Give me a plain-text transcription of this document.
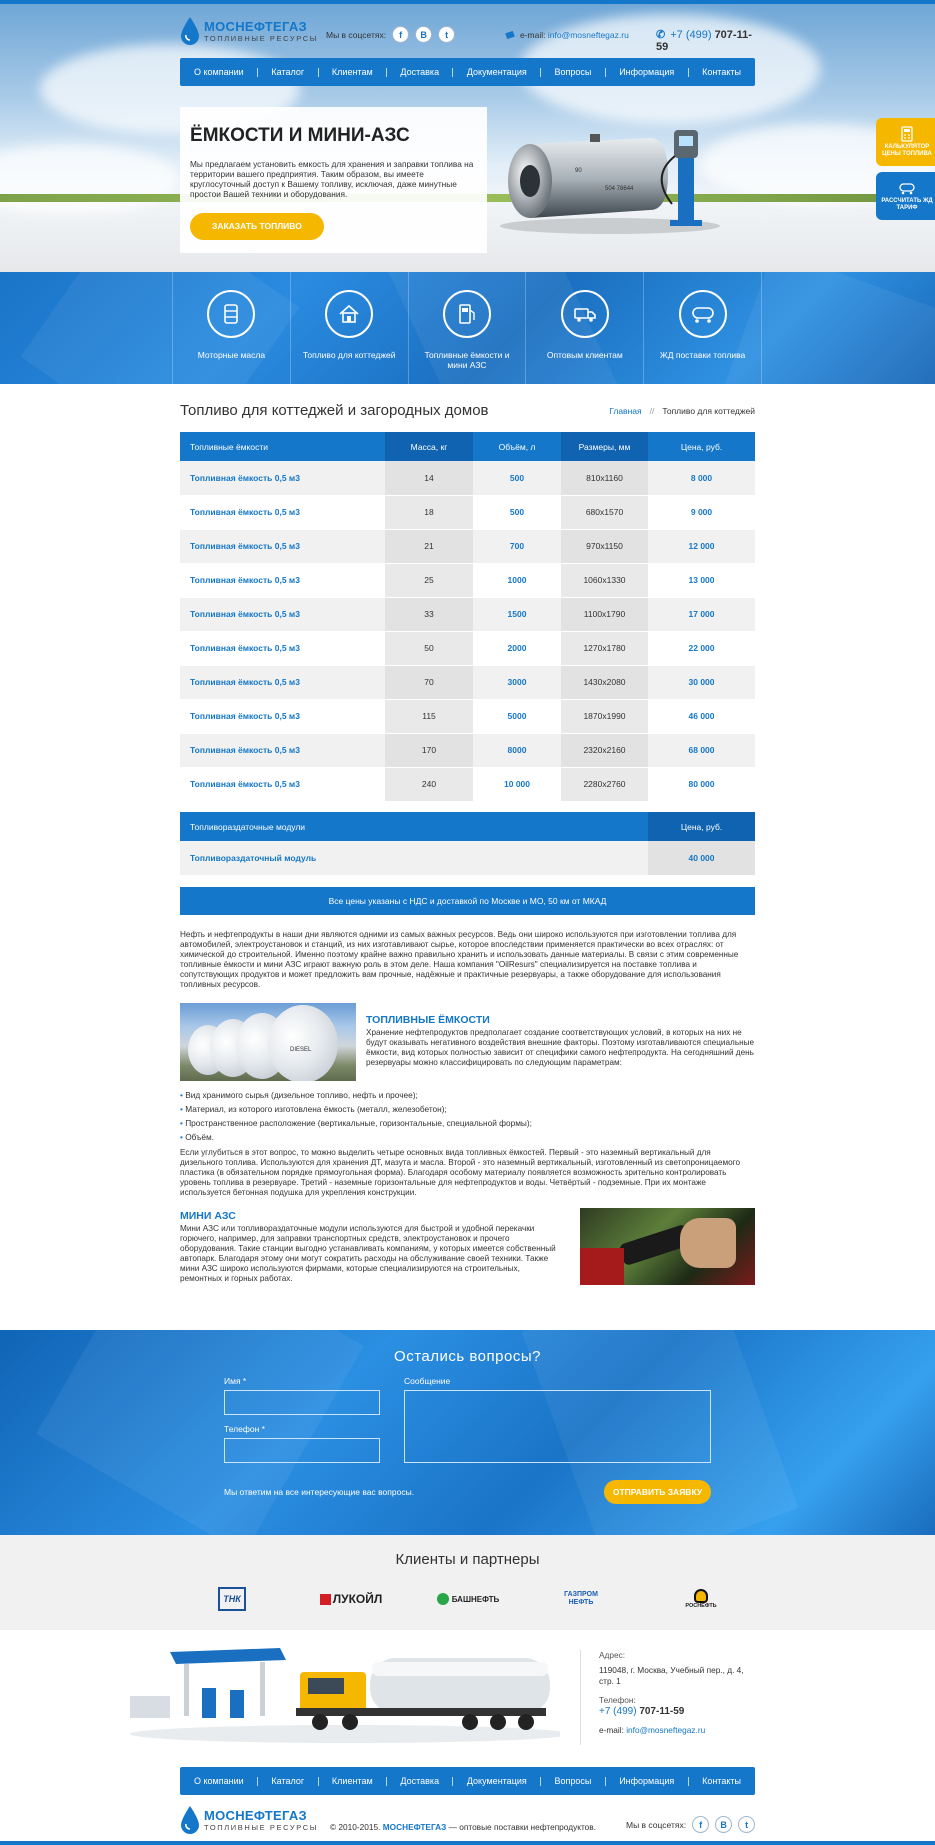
МОСНЕФТЕГАЗ
ТОПЛИВНЫЕ РЕСУРСЫ Мы в соцсетях:	f	В	t	e-mail: info@mosneftegaz.ru ✆ +7 (499) 707-11-59
О компании	Каталог	Клиентам	Доставка	Документация	Вопросы	Информация	Контакты
ЁМКОСТИ И МИНИ-АЗС

Мы предлагаем установить емкость для хранения и заправки топлива на территории вашего предприятия. Таким образом, вы имеете круглосуточный доступ к Вашему топливу, исключая, даже минутные простои Вашей техники и оборудования.

ЗАКАЗАТЬ ТОПЛИВО
90
504 78644
КАЛЬКУЛЯТОР ЦЕНЫ ТОПЛИВА
РАССЧИТАТЬ ЖД ТАРИФ
Моторные масла	Топливо для коттеджей	Топливные ёмкости и мини АЗС
Оптовым клиентам	ЖД поставки топлива
Топливо для коттеджей и загородных домов	Главная // Топливо для коттеджей
Топливные ёмкости	Масса, кг	Объём, л	Размеры, мм	Цена, руб.
Топливная ёмкость 0,5 м3	14	500	810x1160	8 000
Топливная ёмкость 0,5 м3	18	500	680x1570	9 000
Топливная ёмкость 0,5 м3	21	700	970x1150	12 000
Топливная ёмкость 0,5 м3	25	1000	1060x1330	13 000
Топливная ёмкость 0,5 м3	33	1500	1100x1790	17 000
Топливная ёмкость 0,5 м3	50	2000	1270x1780	22 000
Топливная ёмкость 0,5 м3	70	3000	1430x2080	30 000
Топливная ёмкость 0,5 м3	115	5000	1870x1990	46 000
Топливная ёмкость 0,5 м3	170	8000	2320x2160	68 000
Топливная ёмкость 0,5 м3	240	10 000	2280x2760	80 000
Топливораздаточные модули	Цена, руб.
Топливораздаточный модуль	40 000
Все цены указаны с НДС и доставкой по Москве и МО, 50 км от МКАД
Нефть и нефтепродукты в наши дни являются одними из самых важных ресурсов. Ведь они широко используются при изготовлении топлива для автомобилей, электроустановок и станций, из них изготавливают сырье, которое впоследствии применяется практически во всех отраслях: от химической до строительной. Именно поэтому крайне важно правильно хранить и использовать данные материалы. В связи с этим современные топливные ёмкости и мини АЗС играют важную роль в этом деле. Наша компания "OilResurs" специализируется на поставке топлива и сопутствующих продуктов и может предложить вам прочные, надёжные и практичные резервуары, а также оборудование для использования топливных ресурсов.
DIESEL
ТОПЛИВНЫЕ ЁМКОСТИ
Хранение нефтепродуктов предполагает создание соответствующих условий, в которых на них не будут оказывать негативного воздействия внешние факторы. Поэтому изготавливаются специальные ёмкости, вид которых полностью зависит от специфики самого нефтепродукта. На сегодняшний день резервуары можно классифицировать по следующим параметрам:
• Вид хранимого сырья (дизельное топливо, нефть и прочее);
• Материал, из которого изготовлена ёмкость (металл, железобетон);
• Пространственное расположение (вертикальные, горизонтальные, специальной формы);
• Объём.
Если углубиться в этот вопрос, то можно выделить четыре основных вида топливных ёмкостей. Первый - это наземный вертикальный для дизельного топлива. Используются для хранения ДТ, мазута и масла. Второй - это наземный вертикальный, изготовленный из светопроницаемого пластика (в обязательном порядке прямоугольная форма). Благодаря особому материалу появляется возможность зрительно контролировать уровень топлива в резервуаре. Третий - наземные горизонтальные для нефтепродуктов и воды. Четвёртый - подземные. При их монтаже используется бетонная подушка для укрепления конструкции.
МИНИ АЗС
Мини АЗС или топливораздаточные модули используются для быстрой и удобной перекачки горючего, например, для заправки транспортных средств, электроустановок и прочего оборудования. Такие станции выгодно устанавливать компаниям, у которых имеется собственный автопарк. Благодаря этому они могут сократить расходы на обслуживание своей техники. Также мини АЗС широко используются фирмами, которые специализируются на строительных, ремонтных и горных работах.
Остались вопросы?
Имя *
Телефон *
Сообщение
Мы ответим на все интересующие вас вопросы.	ОТПРАВИТЬ ЗАЯВКУ
Клиенты и партнеры
ТНК	ЛУКОЙЛ	БАШНЕФТЬ	ГАЗПРОМ НЕФТЬ	РОСНЕФТЬ
Адрес:
119048, г. Москва, Учебный пер., д. 4, стр. 1
Телефон:
+7 (499) 707-11-59
e-mail: info@mosneftegaz.ru
О компании	Каталог	Клиентам	Доставка	Документация	Вопросы	Информация	Контакты
МОСНЕФТЕГАЗ
ТОПЛИВНЫЕ РЕСУРСЫ © 2010-2015. МОСНЕФТЕГАЗ — оптовые поставки нефтепродуктов.	Мы в соцсетях:	f	В	t
